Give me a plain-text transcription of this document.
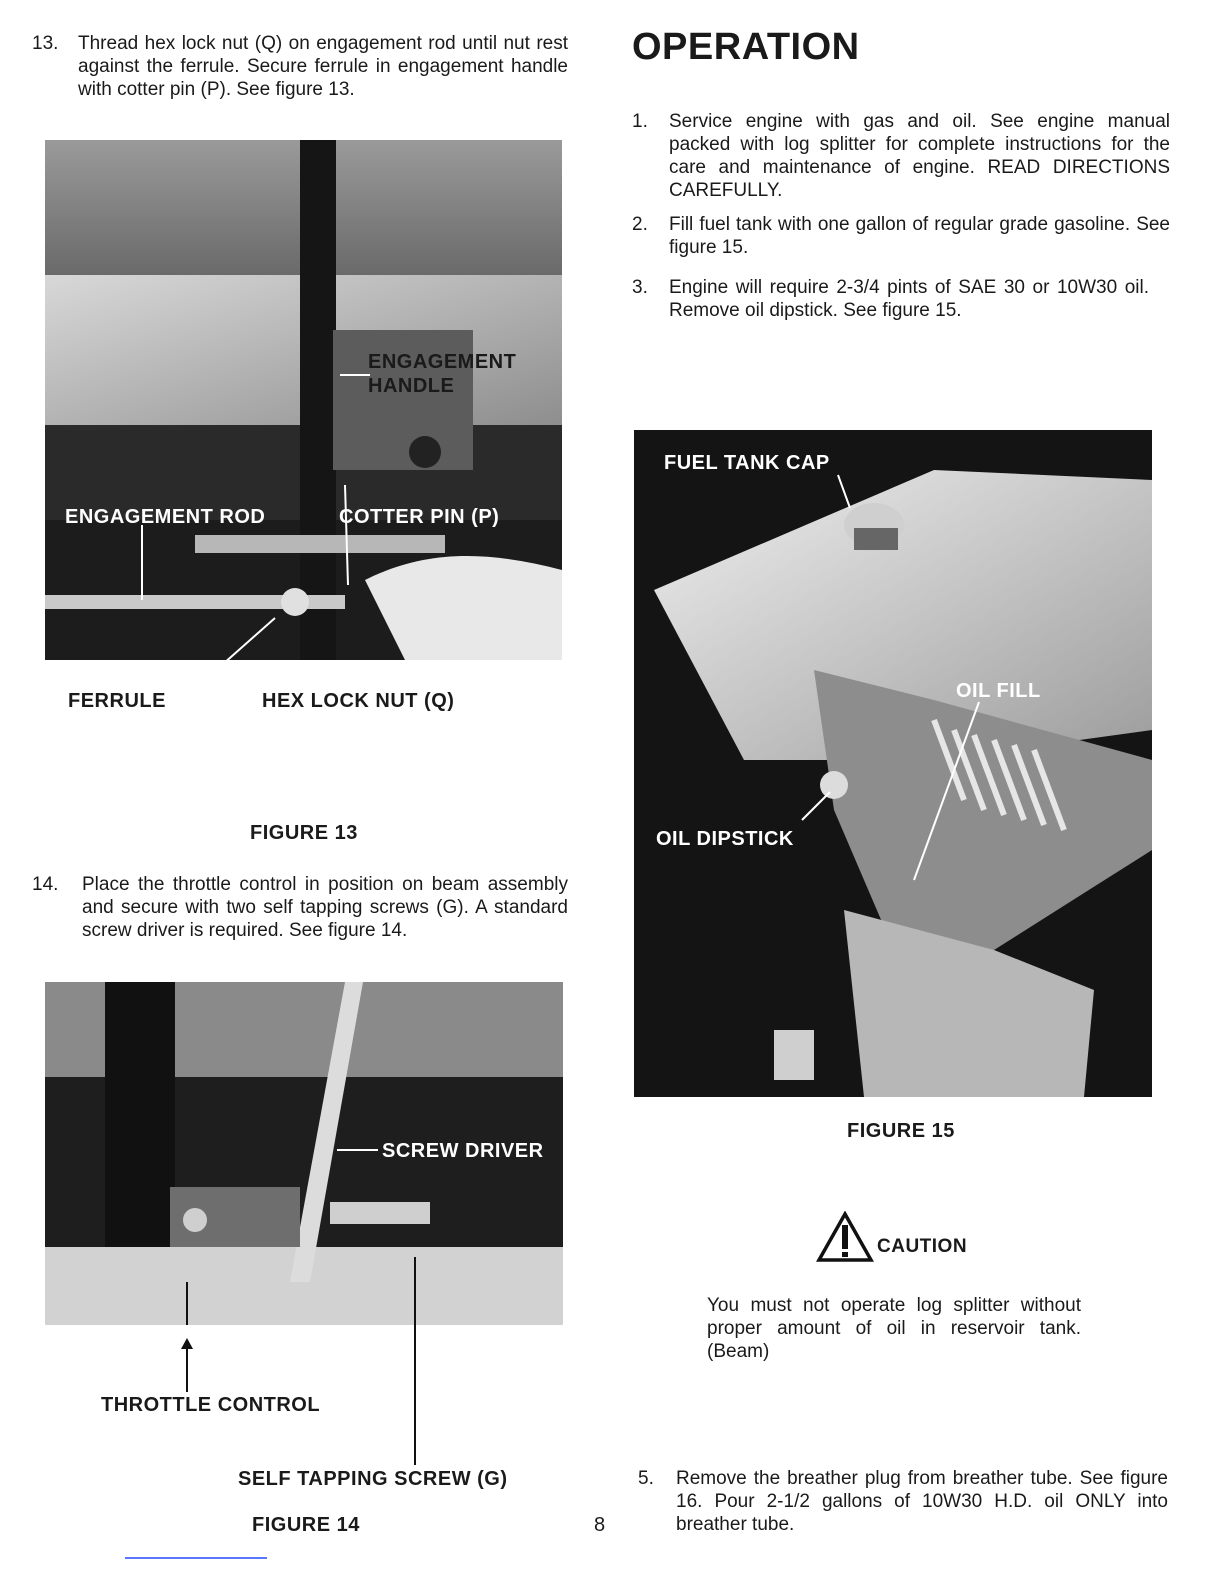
13. Thread hex lock nut (Q) on engagement rod until nut rest against the ferrule. Secure ferrule in engagement handle with cotter pin (P). See figure 13.
ENGAGEMENT
HANDLE
ENGAGEMENT ROD	COTTER PIN (P)
FERRULE	HEX LOCK NUT (Q)
FIGURE 13
14. Place the throttle control in position on beam assembly and secure with two self tapping screws (G). A standard screw driver is required. See figure 14.
SCREW DRIVER
THROTTLE CONTROL
SELF TAPPING SCREW (G)
FIGURE 14	8
OPERATION
1. Service engine with gas and oil. See engine manual packed with log splitter for complete instructions for the care and maintenance of engine. READ DIRECTIONS CAREFULLY.
2. Fill fuel tank with one gallon of regular grade gasoline. See figure 15.
3. Engine will require 2-3/4 pints of SAE 30 or 10W30 oil. Remove oil dipstick. See figure 15.
FUEL TANK CAP
OIL FILL
OIL DIPSTICK
FIGURE 15
CAUTION
You must not operate log splitter without proper amount of oil in reservoir tank. (Beam)
5. Remove the breather plug from breather tube. See figure 16. Pour 2-1/2 gallons of 10W30 H.D. oil ONLY into breather tube.
